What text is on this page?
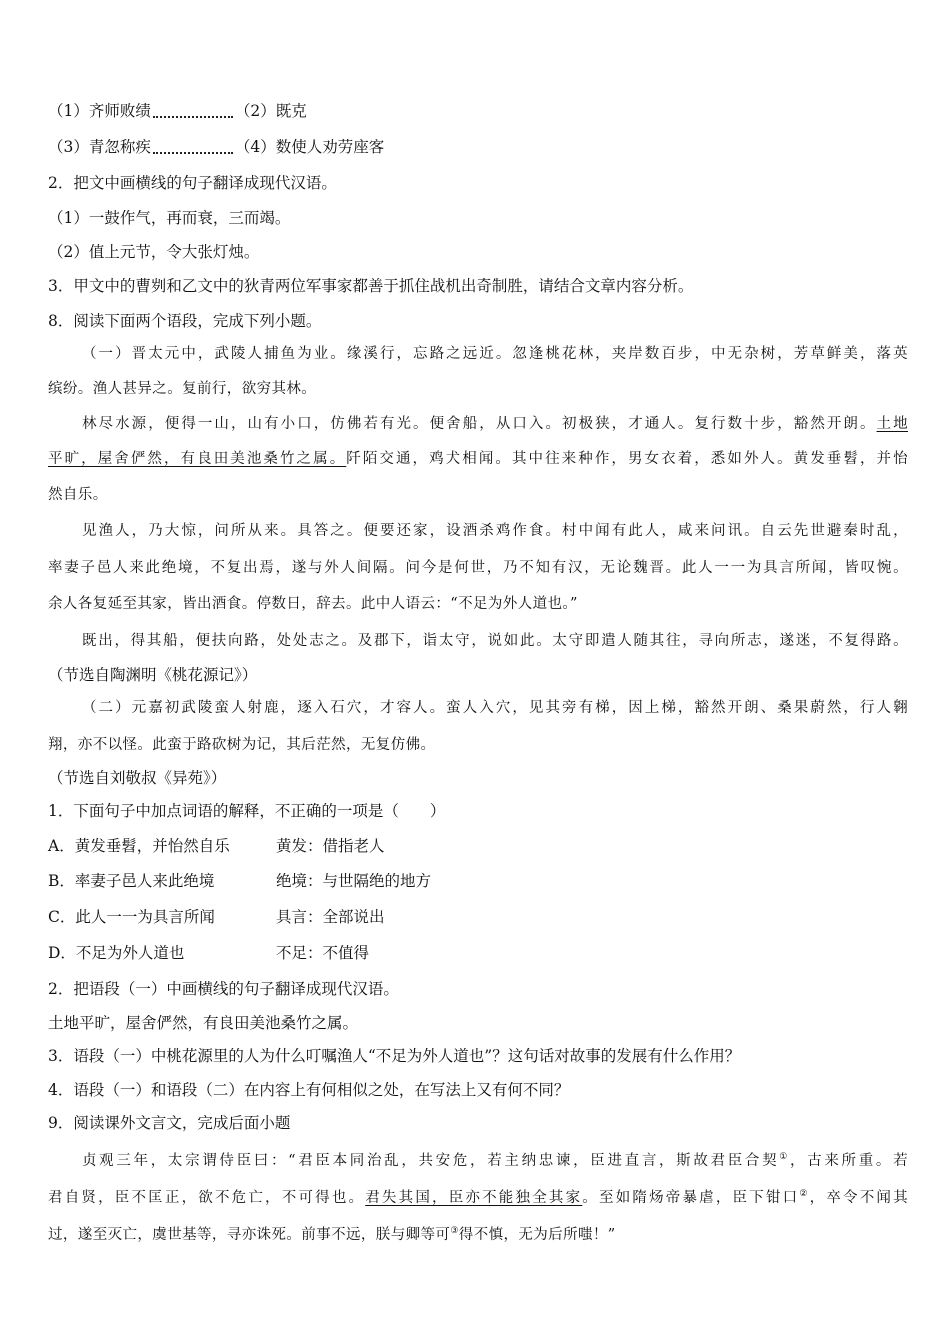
（1）齐师败绩	（2）既克
（3）青忽称疾	（4）数使人劝劳座客
2．把文中画横线的句子翻译成现代汉语。
（1）一鼓作气，再而衰，三而竭。
（2）值上元节，令大张灯烛。
3．甲文中的曹刿和乙文中的狄青两位军事家都善于抓住战机出奇制胜，请结合文章内容分析。
8．阅读下面两个语段，完成下列小题。
（一）晋太元中，武陵人捕鱼为业。缘溪行，忘路之远近。忽逢桃花林，夹岸数百步，中无杂树，芳草鲜美，落英
缤纷。渔人甚异之。复前行，欲穷其林。
林尽水源，便得一山，山有小口，仿佛若有光。便舍船，从口入。初极狭，才通人。复行数十步，豁然开朗。土地
平旷，屋舍俨然，有良田美池桑竹之属。阡陌交通，鸡犬相闻。其中往来种作，男女衣着，悉如外人。黄发垂髫，并怡
然自乐。
见渔人，乃大惊，问所从来。具答之。便要还家，设酒杀鸡作食。村中闻有此人，咸来问讯。自云先世避秦时乱，
率妻子邑人来此绝境，不复出焉，遂与外人间隔。问今是何世，乃不知有汉，无论魏晋。此人一一为具言所闻，皆叹惋。
余人各复延至其家，皆出酒食。停数日，辞去。此中人语云：“不足为外人道也。”
既出，得其船，便扶向路，处处志之。及郡下，诣太守，说如此。太守即遣人随其往，寻向所志，遂迷，不复得路。
（节选自陶渊明《桃花源记》）
（二）元嘉初武陵蛮人射鹿，逐入石穴，才容人。蛮人入穴，见其旁有梯，因上梯，豁然开朗、桑果蔚然，行人翱
翔，亦不以怪。此蛮于路砍树为记，其后茫然，无复仿佛。
（节选自刘敬叔《异苑》）
1．下面句子中加点词语的解释，不正确的一项是（　　）
A．黄发垂髫，并怡然自乐	黄发：借指老人
B．率妻子邑人来此绝境	绝境：与世隔绝的地方
C．此人一一为具言所闻	具言：全部说出
D．不足为外人道也	不足：不值得
2．把语段（一）中画横线的句子翻译成现代汉语。
土地平旷，屋舍俨然，有良田美池桑竹之属。
3．语段（一）中桃花源里的人为什么叮嘱渔人“不足为外人道也”？这句话对故事的发展有什么作用？
4．语段（一）和语段（二）在内容上有何相似之处，在写法上又有何不同？
9．阅读课外文言文，完成后面小题
贞观三年，太宗谓侍臣曰：“君臣本同治乱，共安危，若主纳忠谏，臣进直言，斯故君臣合契①，古来所重。若
君自贤，臣不匡正，欲不危亡，不可得也。君失其国，臣亦不能独全其家。至如隋炀帝暴虐，臣下钳口②，卒令不闻其
过，遂至灭亡，虞世基等，寻亦诛死。前事不远，朕与卿等可③得不慎，无为后所嗤！”
